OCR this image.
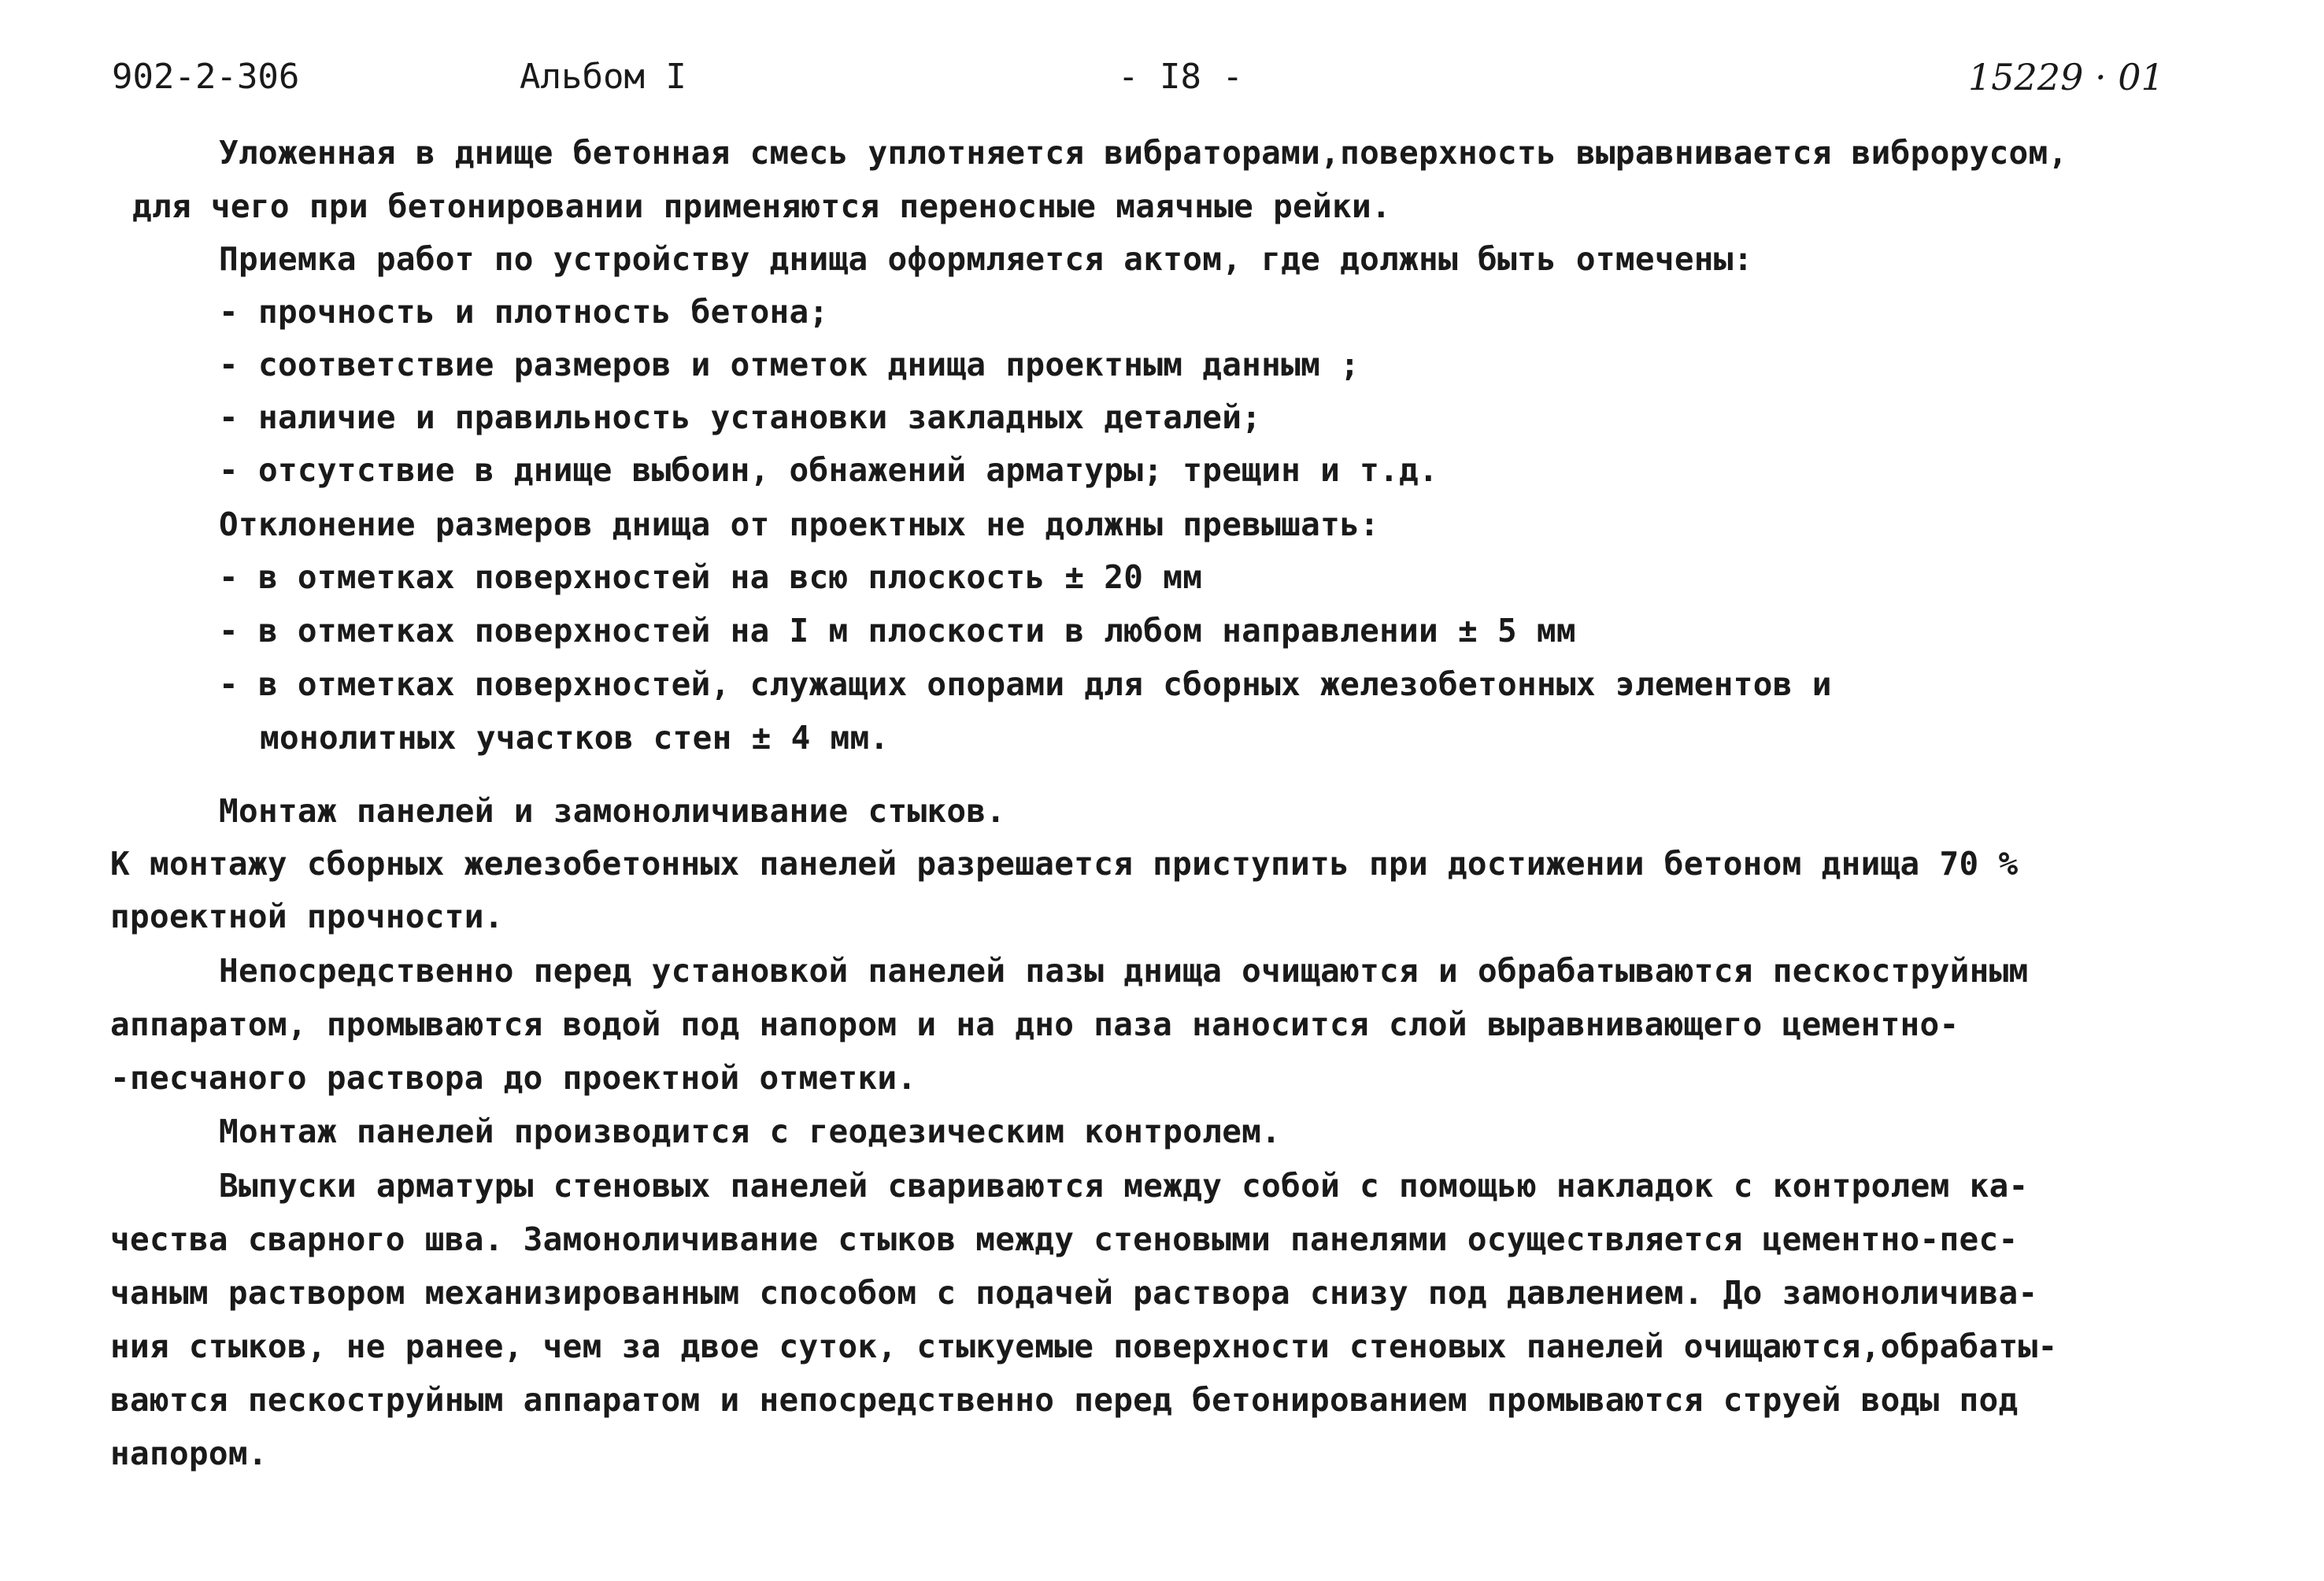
902-2-306	Альбом I	- I8 -	15229 · 01
Уложенная в днище бетонная смесь уплотняется вибраторами,поверхность выравнивается виброрусом,
для чего при бетонировании применяются переносные маячные рейки.
Приемка работ по устройству днища оформляется актом, где должны быть отмечены:
- прочность и плотность бетона;
- соответствие размеров и отметок днища проектным данным ;
- наличие и правильность установки закладных деталей;
- отсутствие в днище выбоин, обнажений арматуры; трещин и т.д.
Отклонение размеров днища от проектных не должны превышать:
- в отметках поверхностей на всю плоскость ± 20 мм
- в отметках поверхностей на I м плоскости в любом направлении ± 5 мм
- в отметках поверхностей, служащих опорами для сборных железобетонных элементов и
монолитных участков стен ± 4 мм.
Монтаж панелей и замоноличивание стыков.
К монтажу сборных железобетонных панелей разрешается приступить при достижении бетоном днища 70 %
проектной прочности.
Непосредственно перед установкой панелей пазы днища очищаются и обрабатываются пескоструйным
аппаратом, промываются водой под напором и на дно паза наносится слой выравнивающего цементно-
-песчаного раствора до проектной отметки.
Монтаж панелей производится с геодезическим контролем.
Выпуски арматуры стеновых панелей свариваются между собой с помощью накладок с контролем ка-
чества сварного шва. Замоноличивание стыков между стеновыми панелями осуществляется цементно-пес-
чаным раствором механизированным способом с подачей раствора снизу под давлением. До замоноличива-
ния стыков, не ранее, чем за двое суток, стыкуемые поверхности стеновых панелей очищаются,обрабаты-
ваются пескоструйным аппаратом и непосредственно перед бетонированием промываются струей воды под
напором.
